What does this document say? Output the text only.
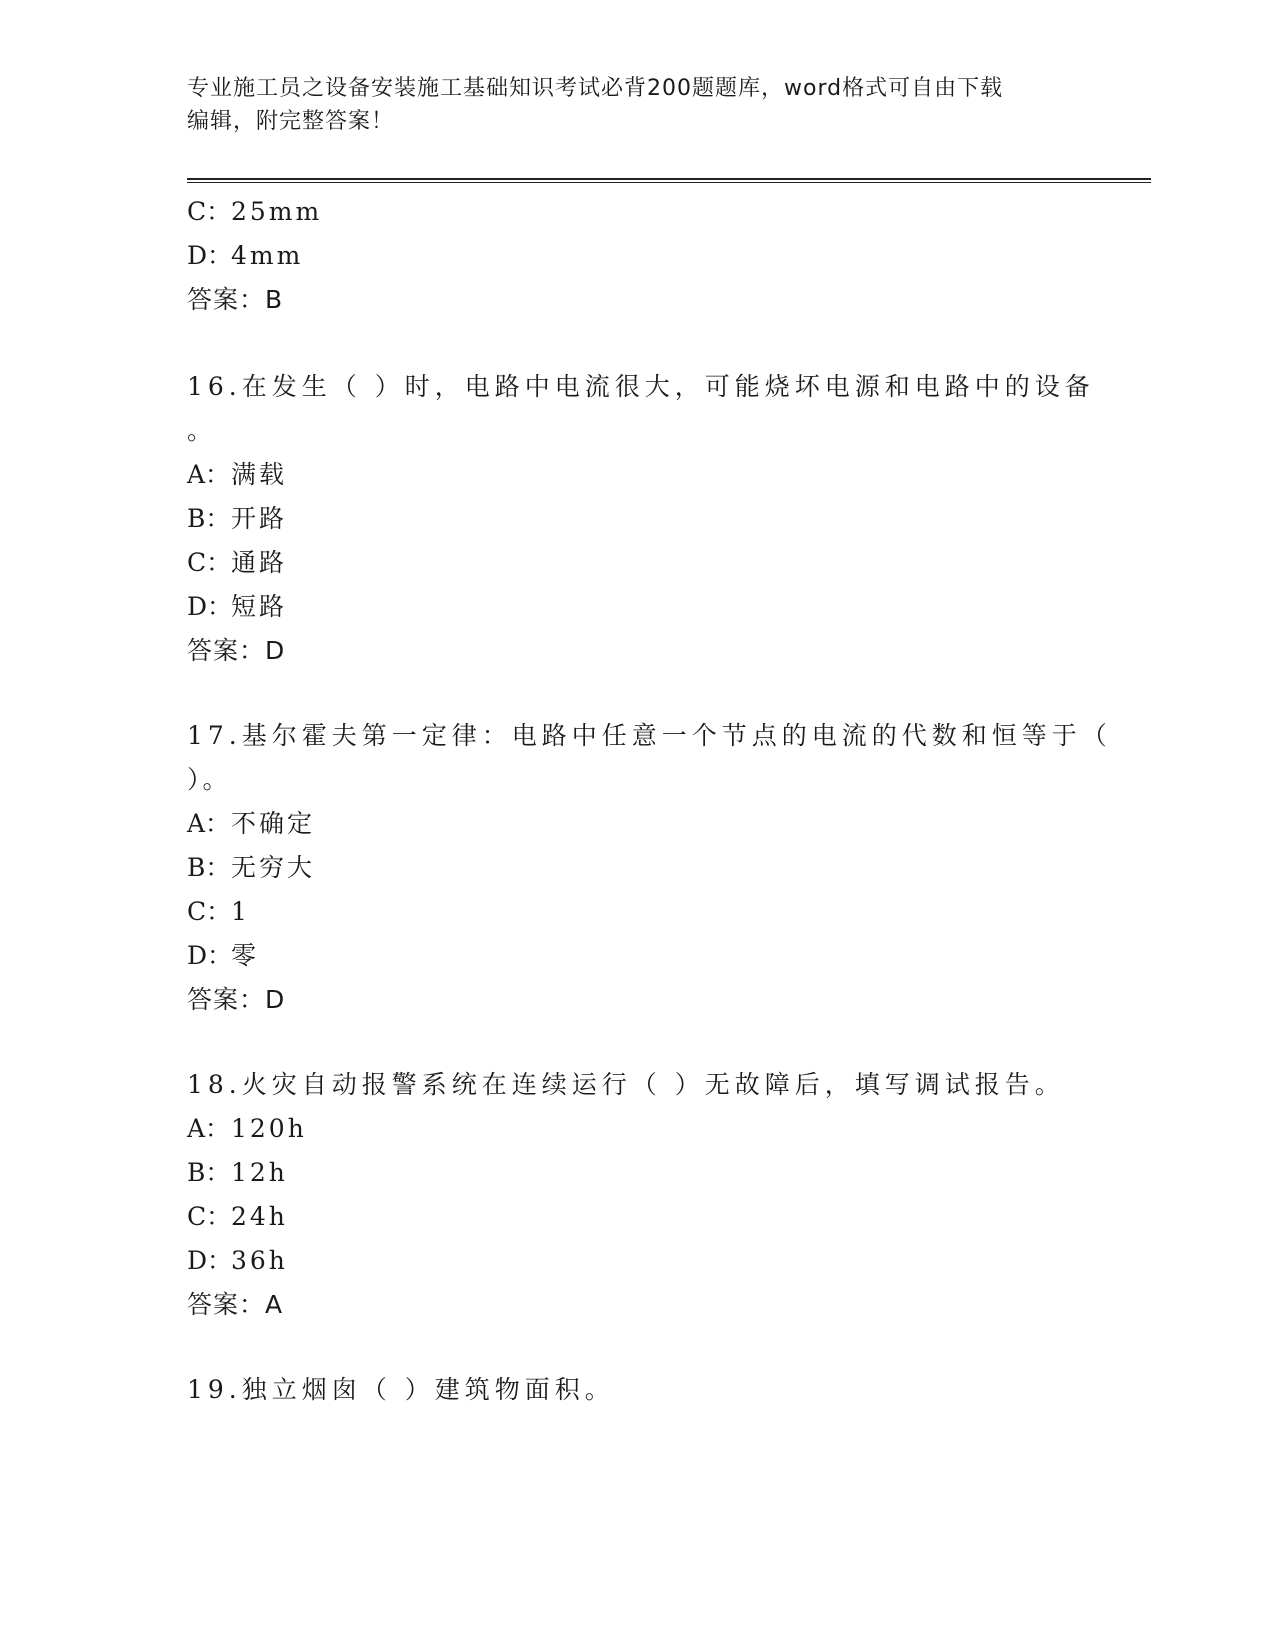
专业施工员之设备安装施工基础知识考试必背200题题库，word格式可自由下载
编辑，附完整答案！
C：25mm
D：4mm
答案：B
16.在发生（ ）时，电路中电流很大，可能烧坏电源和电路中的设备
。
A：满载
B：开路
C：通路
D：短路
答案：D
17.基尔霍夫第一定律：电路中任意一个节点的电流的代数和恒等于（
）。
A：不确定
B：无穷大
C：1
D：零
答案：D
18.火灾自动报警系统在连续运行（ ）无故障后，填写调试报告。
A：120h
B：12h
C：24h
D：36h
答案：A
19.独立烟囱（ ）建筑物面积。
